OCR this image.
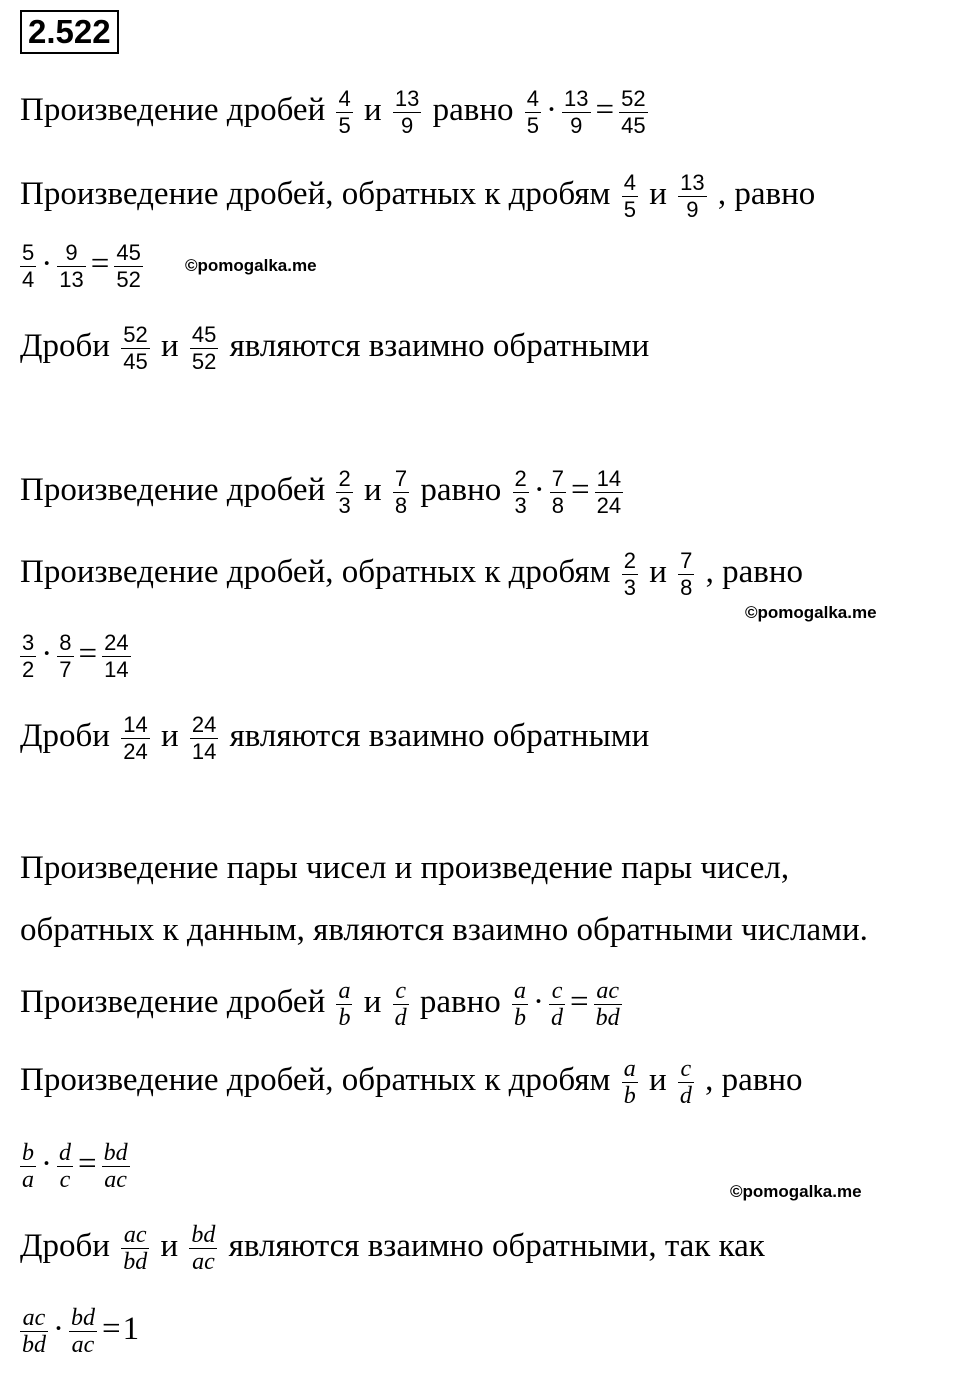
2.522
Произведение дробей $\frac{4}{5}$ и $\frac{13}{9}$ равно $\frac{4}{5} \cdot \frac{13}{9} = \frac{52}{45}$
Произведение дробей, обратных к дробям $\frac{4}{5}$ и $\frac{13}{9}$ , равно
$\frac{5}{4} \cdot \frac{9}{13} = \frac{45}{52}$ ©pomogalka.me
Дроби $\frac{52}{45}$ и $\frac{45}{52}$ являются взаимно обратными
Произведение дробей $\frac{2}{3}$ и $\frac{7}{8}$ равно $\frac{2}{3} \cdot \frac{7}{8} = \frac{14}{24}$
Произведение дробей, обратных к дробям $\frac{2}{3}$ и $\frac{7}{8}$ , равно
©pomogalka.me
$\frac{3}{2} \cdot \frac{8}{7} = \frac{24}{14}$
Дроби $\frac{14}{24}$ и $\frac{24}{14}$ являются взаимно обратными
Произведение пары чисел и произведение пары чисел,
обратных к данным, являются взаимно обратными числами.
Произведение дробей $\frac{a}{b}$ и $\frac{c}{d}$ равно $\frac{a}{b} \cdot \frac{c}{d} = \frac{ac}{bd}$
Произведение дробей, обратных к дробям $\frac{a}{b}$ и $\frac{c}{d}$ , равно
$\frac{b}{a} \cdot \frac{d}{c} = \frac{bd}{ac}$	©pomogalka.me
Дроби $\frac{ac}{bd}$ и $\frac{bd}{ac}$ являются взаимно обратными, так как
$\frac{ac}{bd} \cdot \frac{bd}{ac} =1$
